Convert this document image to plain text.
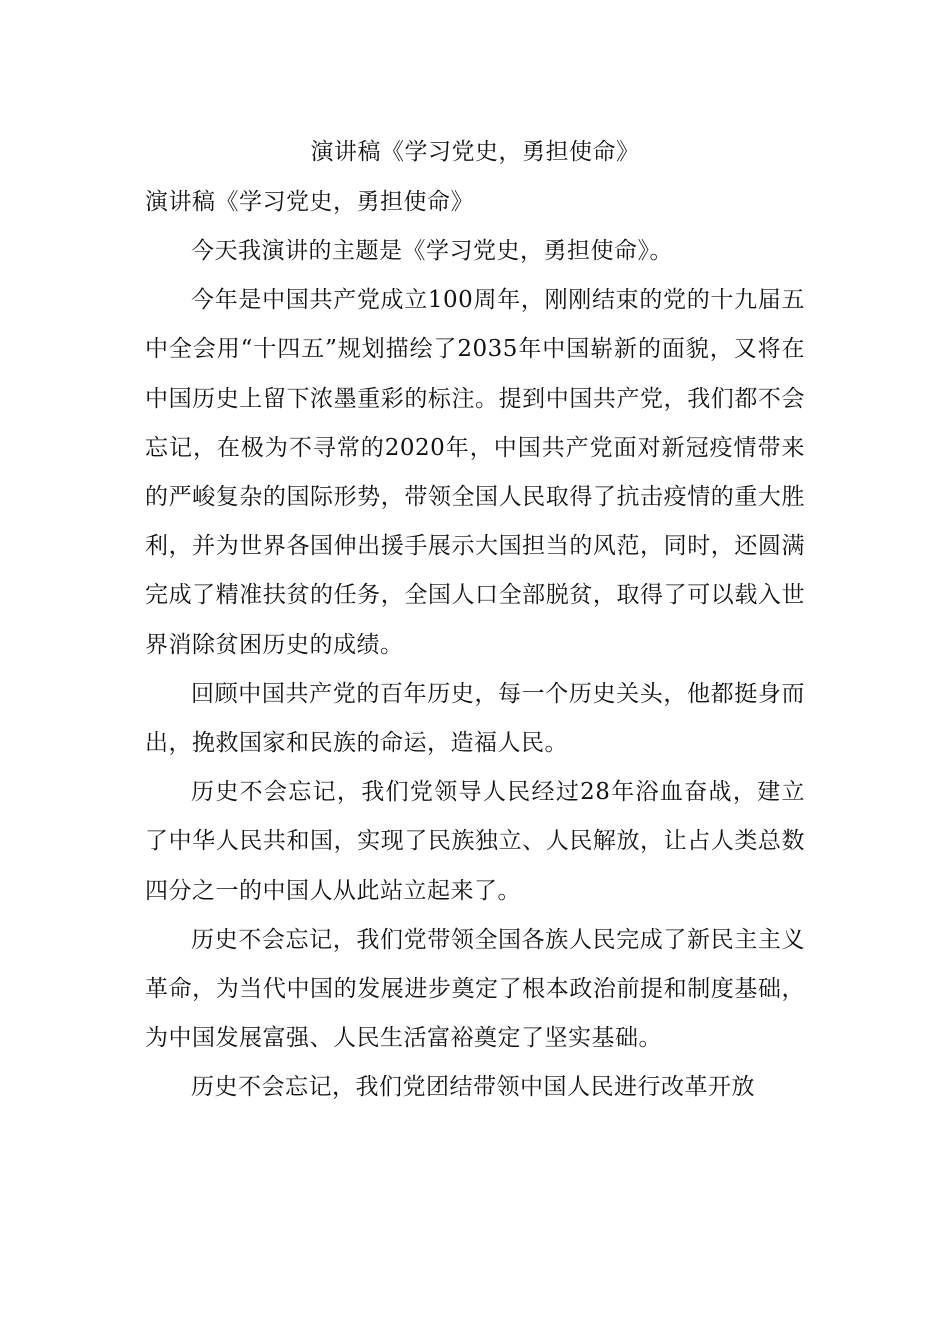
演讲稿《学习党史，勇担使命》

演讲稿《学习党史，勇担使命》

今天我演讲的主题是《学习党史，勇担使命》。

今年是中国共产党成立100周年，刚刚结束的党的十九届五中全会用“十四五”规划描绘了2035年中国崭新的面貌，又将在中国历史上留下浓墨重彩的标注。提到中国共产党，我们都不会忘记，在极为不寻常的2020年，中国共产党面对新冠疫情带来的严峻复杂的国际形势，带领全国人民取得了抗击疫情的重大胜利，并为世界各国伸出援手展示大国担当的风范，同时，还圆满完成了精准扶贫的任务，全国人口全部脱贫，取得了可以载入世界消除贫困历史的成绩。

回顾中国共产党的百年历史，每一个历史关头，他都挺身而出，挽救国家和民族的命运，造福人民。

历史不会忘记，我们党领导人民经过28年浴血奋战，建立了中华人民共和国，实现了民族独立、人民解放，让占人类总数四分之一的中国人从此站立起来了。

历史不会忘记，我们党带领全国各族人民完成了新民主主义革命，为当代中国的发展进步奠定了根本政治前提和制度基础，为中国发展富强、人民生活富裕奠定了坚实基础。

历史不会忘记，我们党团结带领中国人民进行改革开放
